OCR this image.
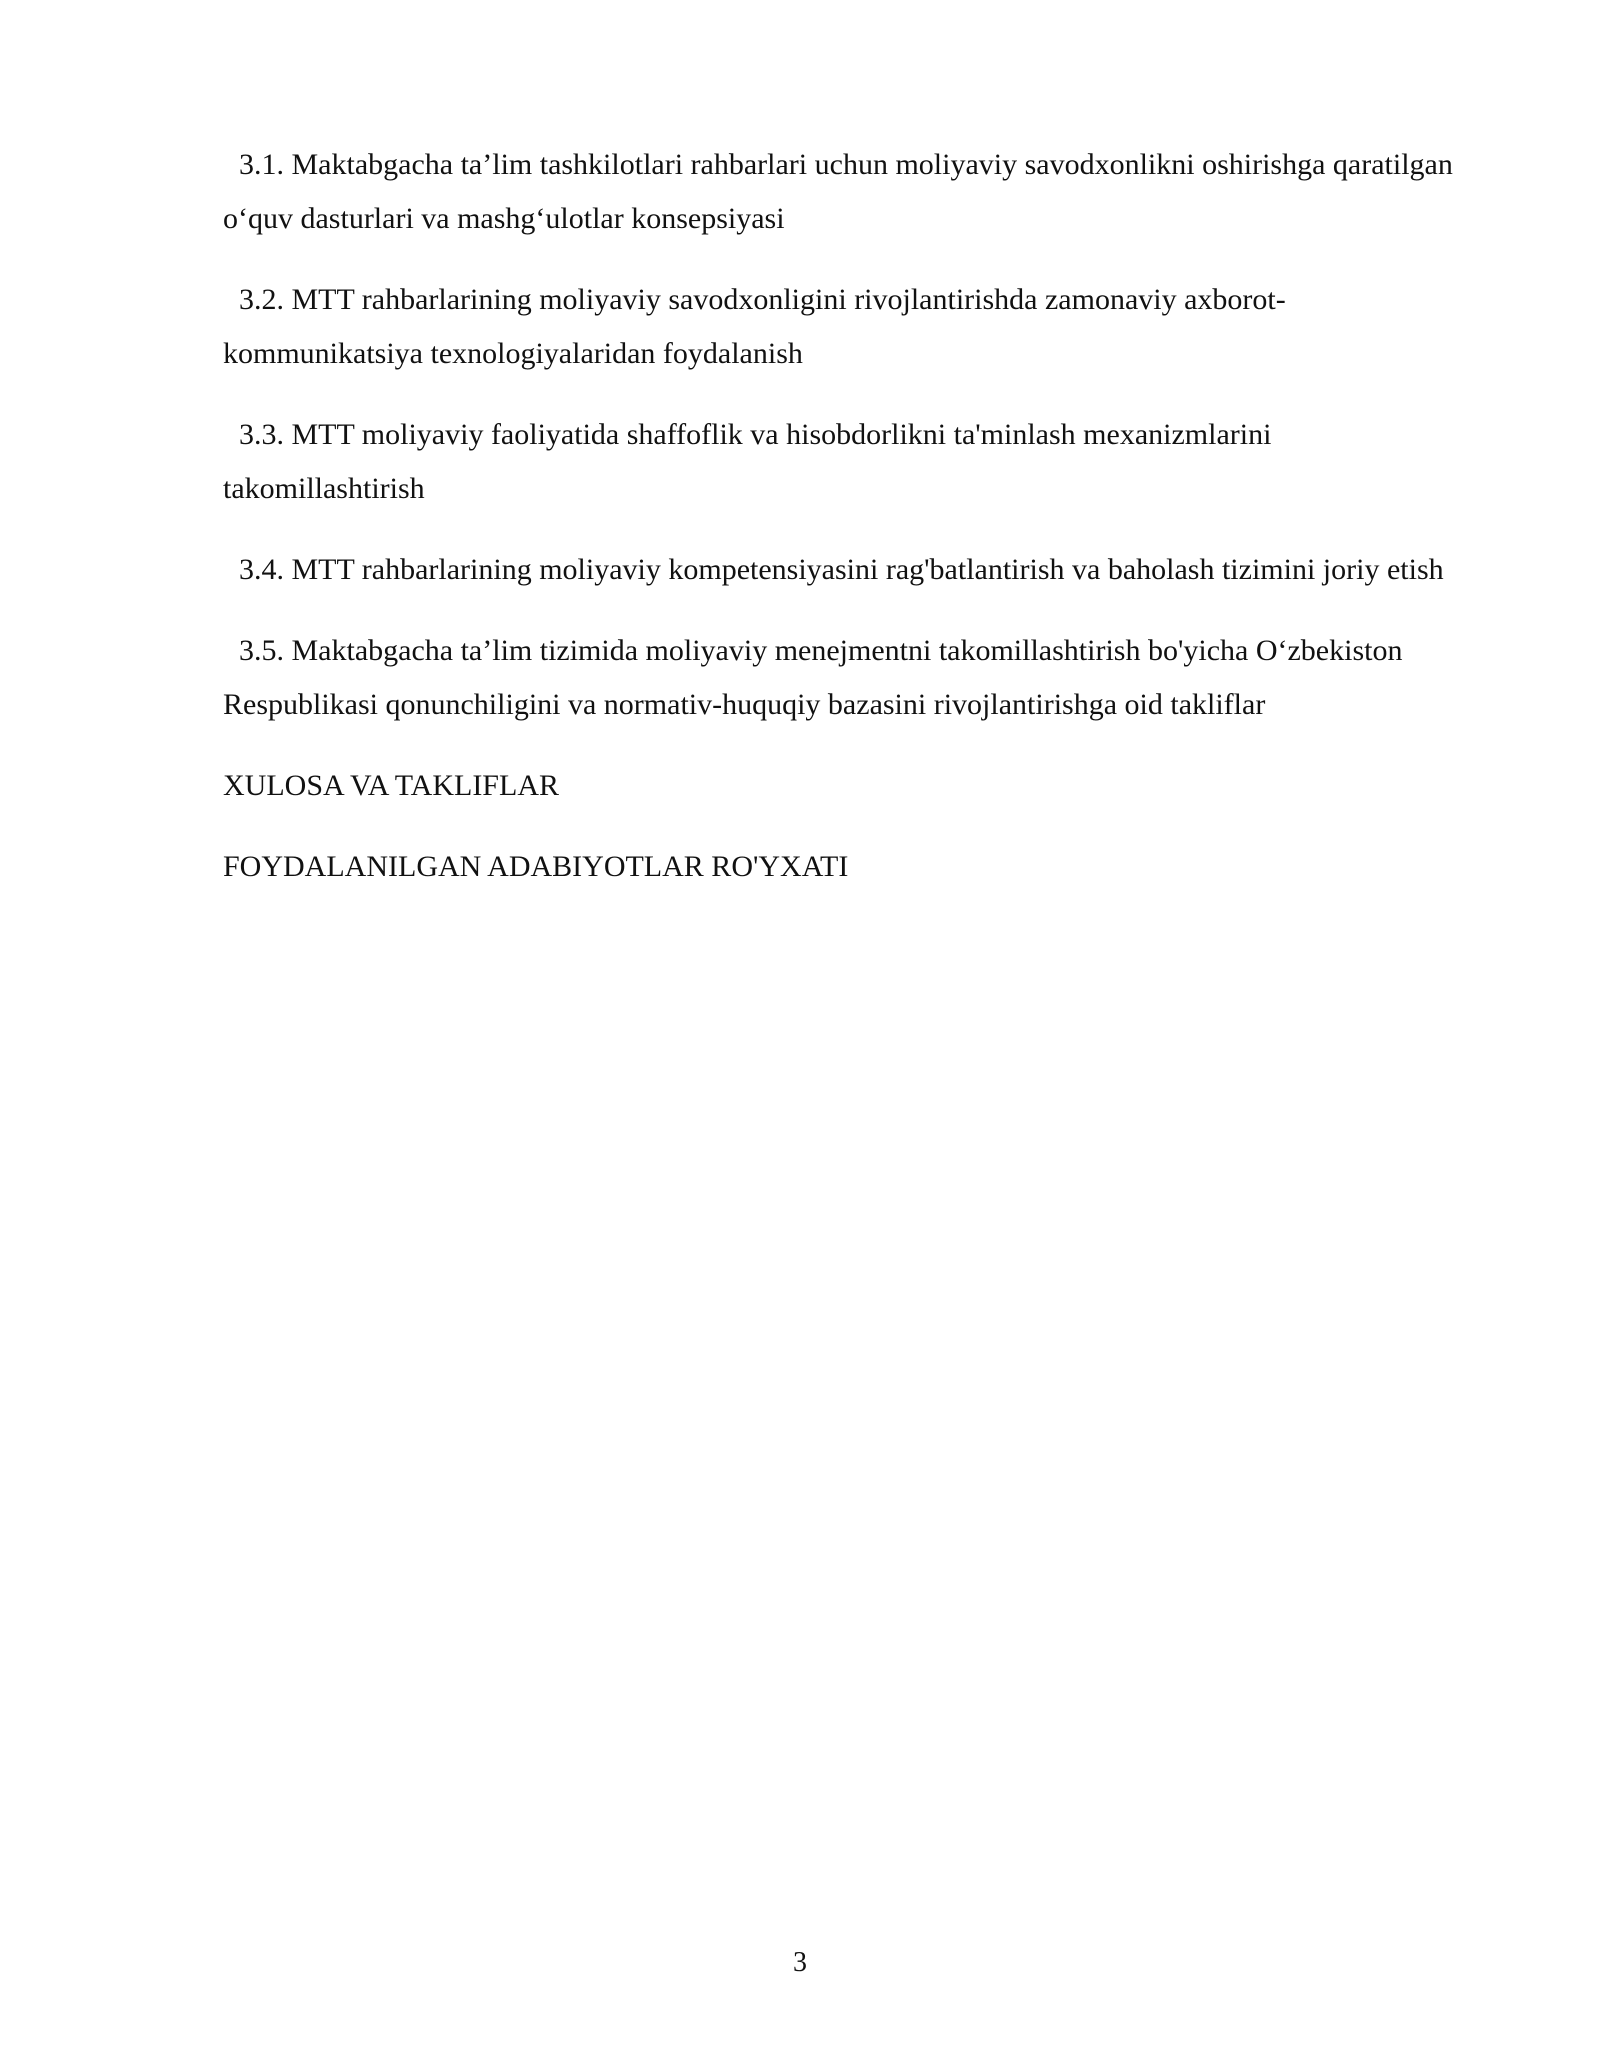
3.1. Maktabgacha ta’lim tashkilotlari rahbarlari uchun moliyaviy savodxonlikni oshirishga qaratilgan o‘quv dasturlari va mashg‘ulotlar konsepsiyasi

3.2. MTT rahbarlarining moliyaviy savodxonligini rivojlantirishda zamonaviy axborot-kommunikatsiya texnologiyalaridan foydalanish

3.3. MTT moliyaviy faoliyatida shaffoflik va hisobdorlikni ta'minlash mexanizmlarini takomillashtirish

3.4. MTT rahbarlarining moliyaviy kompetensiyasini rag'batlantirish va baholash tizimini joriy etish

3.5. Maktabgacha ta’lim tizimida moliyaviy menejmentni takomillashtirish bo'yicha O‘zbekiston Respublikasi qonunchiligini va normativ-huquqiy bazasini rivojlantirishga oid takliflar

XULOSA VA TAKLIFLAR

FOYDALANILGAN ADABIYOTLAR RO'YXATI

3
